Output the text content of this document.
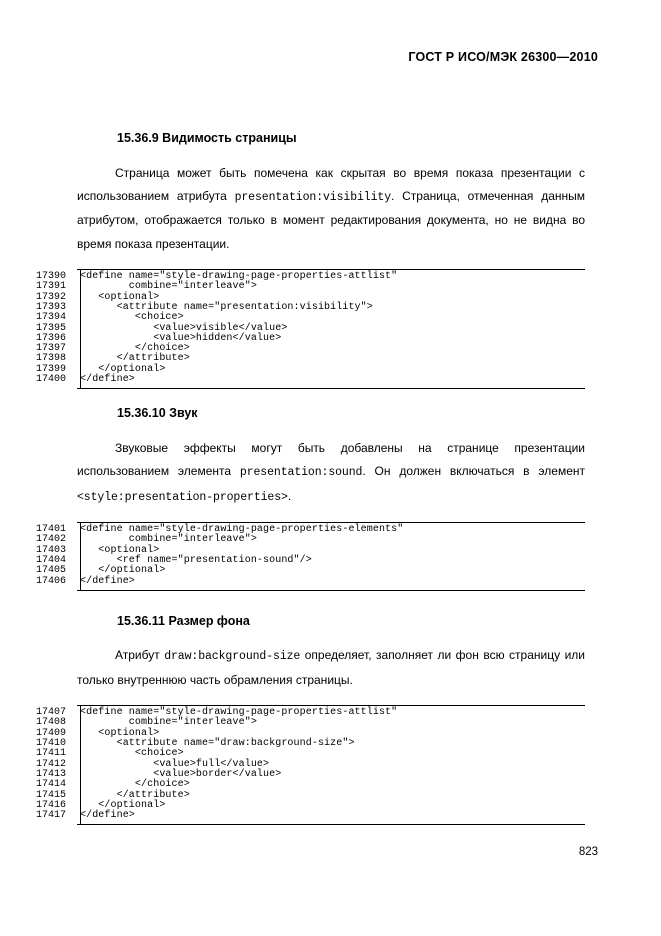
ГОСТ Р ИСО/МЭК 26300—2010
15.36.9 Видимость страницы

Страница может быть помечена как скрытая во время показа презентации с использованием атрибута presentation:visibility. Страница, отмеченная данным атрибутом, отображается только в момент редактирования документа, но не видна во время показа презентации.

17390	<define name="style-drawing-page-properties-attlist"
17391	combine="interleave">
17392	<optional>
17393	<attribute name="presentation:visibility">
17394	<choice>
17395	<value>visible</value>
17396	<value>hidden</value>
17397	</choice>
17398	</attribute>
17399	</optional>
17400	</define>
15.36.10 Звук

Звуковые эффекты могут быть добавлены на странице презентации использованием элемента presentation:sound. Он должен включаться в элемент <style:presentation-properties>.

17401	<define name="style-drawing-page-properties-elements"
17402	combine="interleave">
17403	<optional>
17404	<ref name="presentation-sound"/>
17405	</optional>
17406	</define>
15.36.11 Размер фона

Атрибут draw:background-size определяет, заполняет ли фон всю страницу или только внутреннюю часть обрамления страницы.

17407	<define name="style-drawing-page-properties-attlist"
17408	combine="interleave">
17409	<optional>
17410	<attribute name="draw:background-size">
17411	<choice>
17412	<value>full</value>
17413	<value>border</value>
17414	</choice>
17415	</attribute>
17416	</optional>
17417	</define>
823
